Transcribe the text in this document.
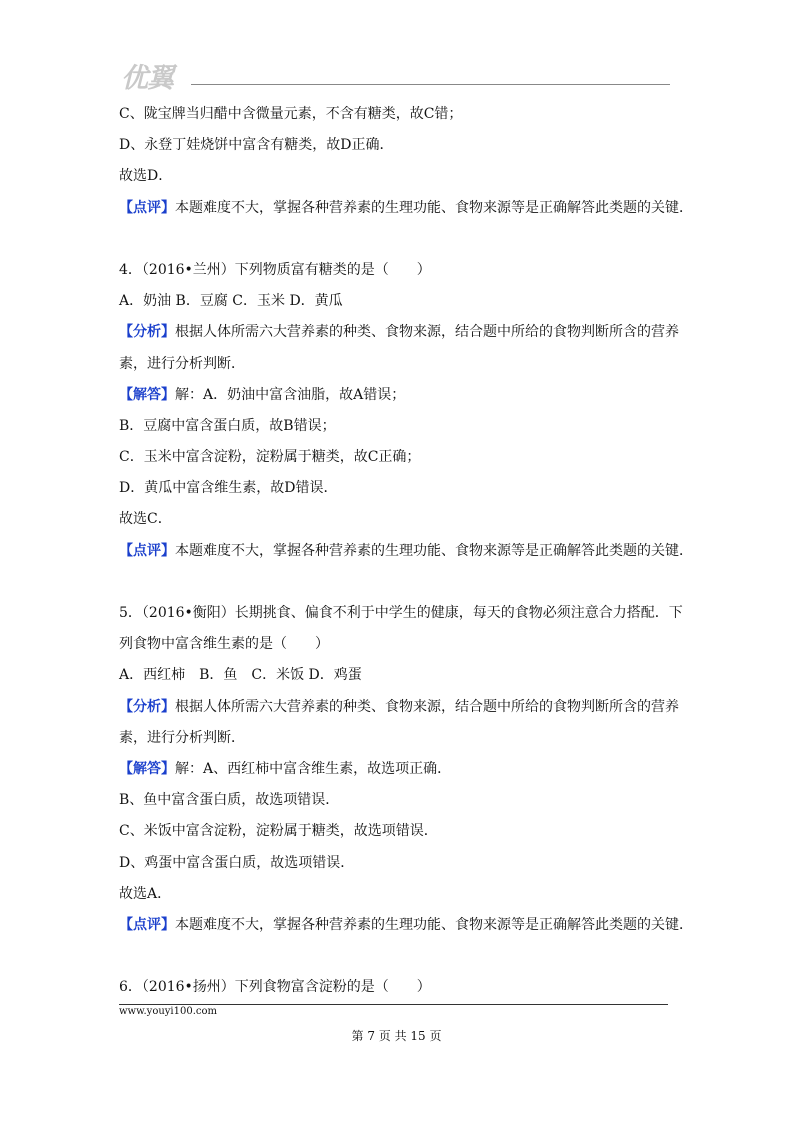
优翼
C、陇宝牌当归醋中含微量元素，不含有糖类，故C错；
D、永登丁娃烧饼中富含有糖类，故D正确．
故选D．
【点评】本题难度不大，掌握各种营养素的生理功能、食物来源等是正确解答此类题的关键．
4．（2016•兰州）下列物质富有糖类的是（　　）
A．奶油 B．豆腐 C．玉米 D．黄瓜
【分析】根据人体所需六大营养素的种类、食物来源，结合题中所给的食物判断所含的营养
素，进行分析判断．
【解答】解：A．奶油中富含油脂，故A错误；
B．豆腐中富含蛋白质，故B错误；
C．玉米中富含淀粉，淀粉属于糖类，故C正确；
D．黄瓜中富含维生素，故D错误．
故选C．
【点评】本题难度不大，掌握各种营养素的生理功能、食物来源等是正确解答此类题的关键．
5．（2016•衡阳）长期挑食、偏食不利于中学生的健康，每天的食物必须注意合力搭配．下
列食物中富含维生素的是（　　）
A．西红柿　B．鱼　C．米饭 D．鸡蛋
【分析】根据人体所需六大营养素的种类、食物来源，结合题中所给的食物判断所含的营养
素，进行分析判断．
【解答】解：A、西红柿中富含维生素，故选项正确．
B、鱼中富含蛋白质，故选项错误．
C、米饭中富含淀粉，淀粉属于糖类，故选项错误．
D、鸡蛋中富含蛋白质，故选项错误．
故选A．
【点评】本题难度不大，掌握各种营养素的生理功能、食物来源等是正确解答此类题的关键．
6．（2016•扬州）下列食物富含淀粉的是（　　）
www.youyi100.com
第 7 页 共 15 页
